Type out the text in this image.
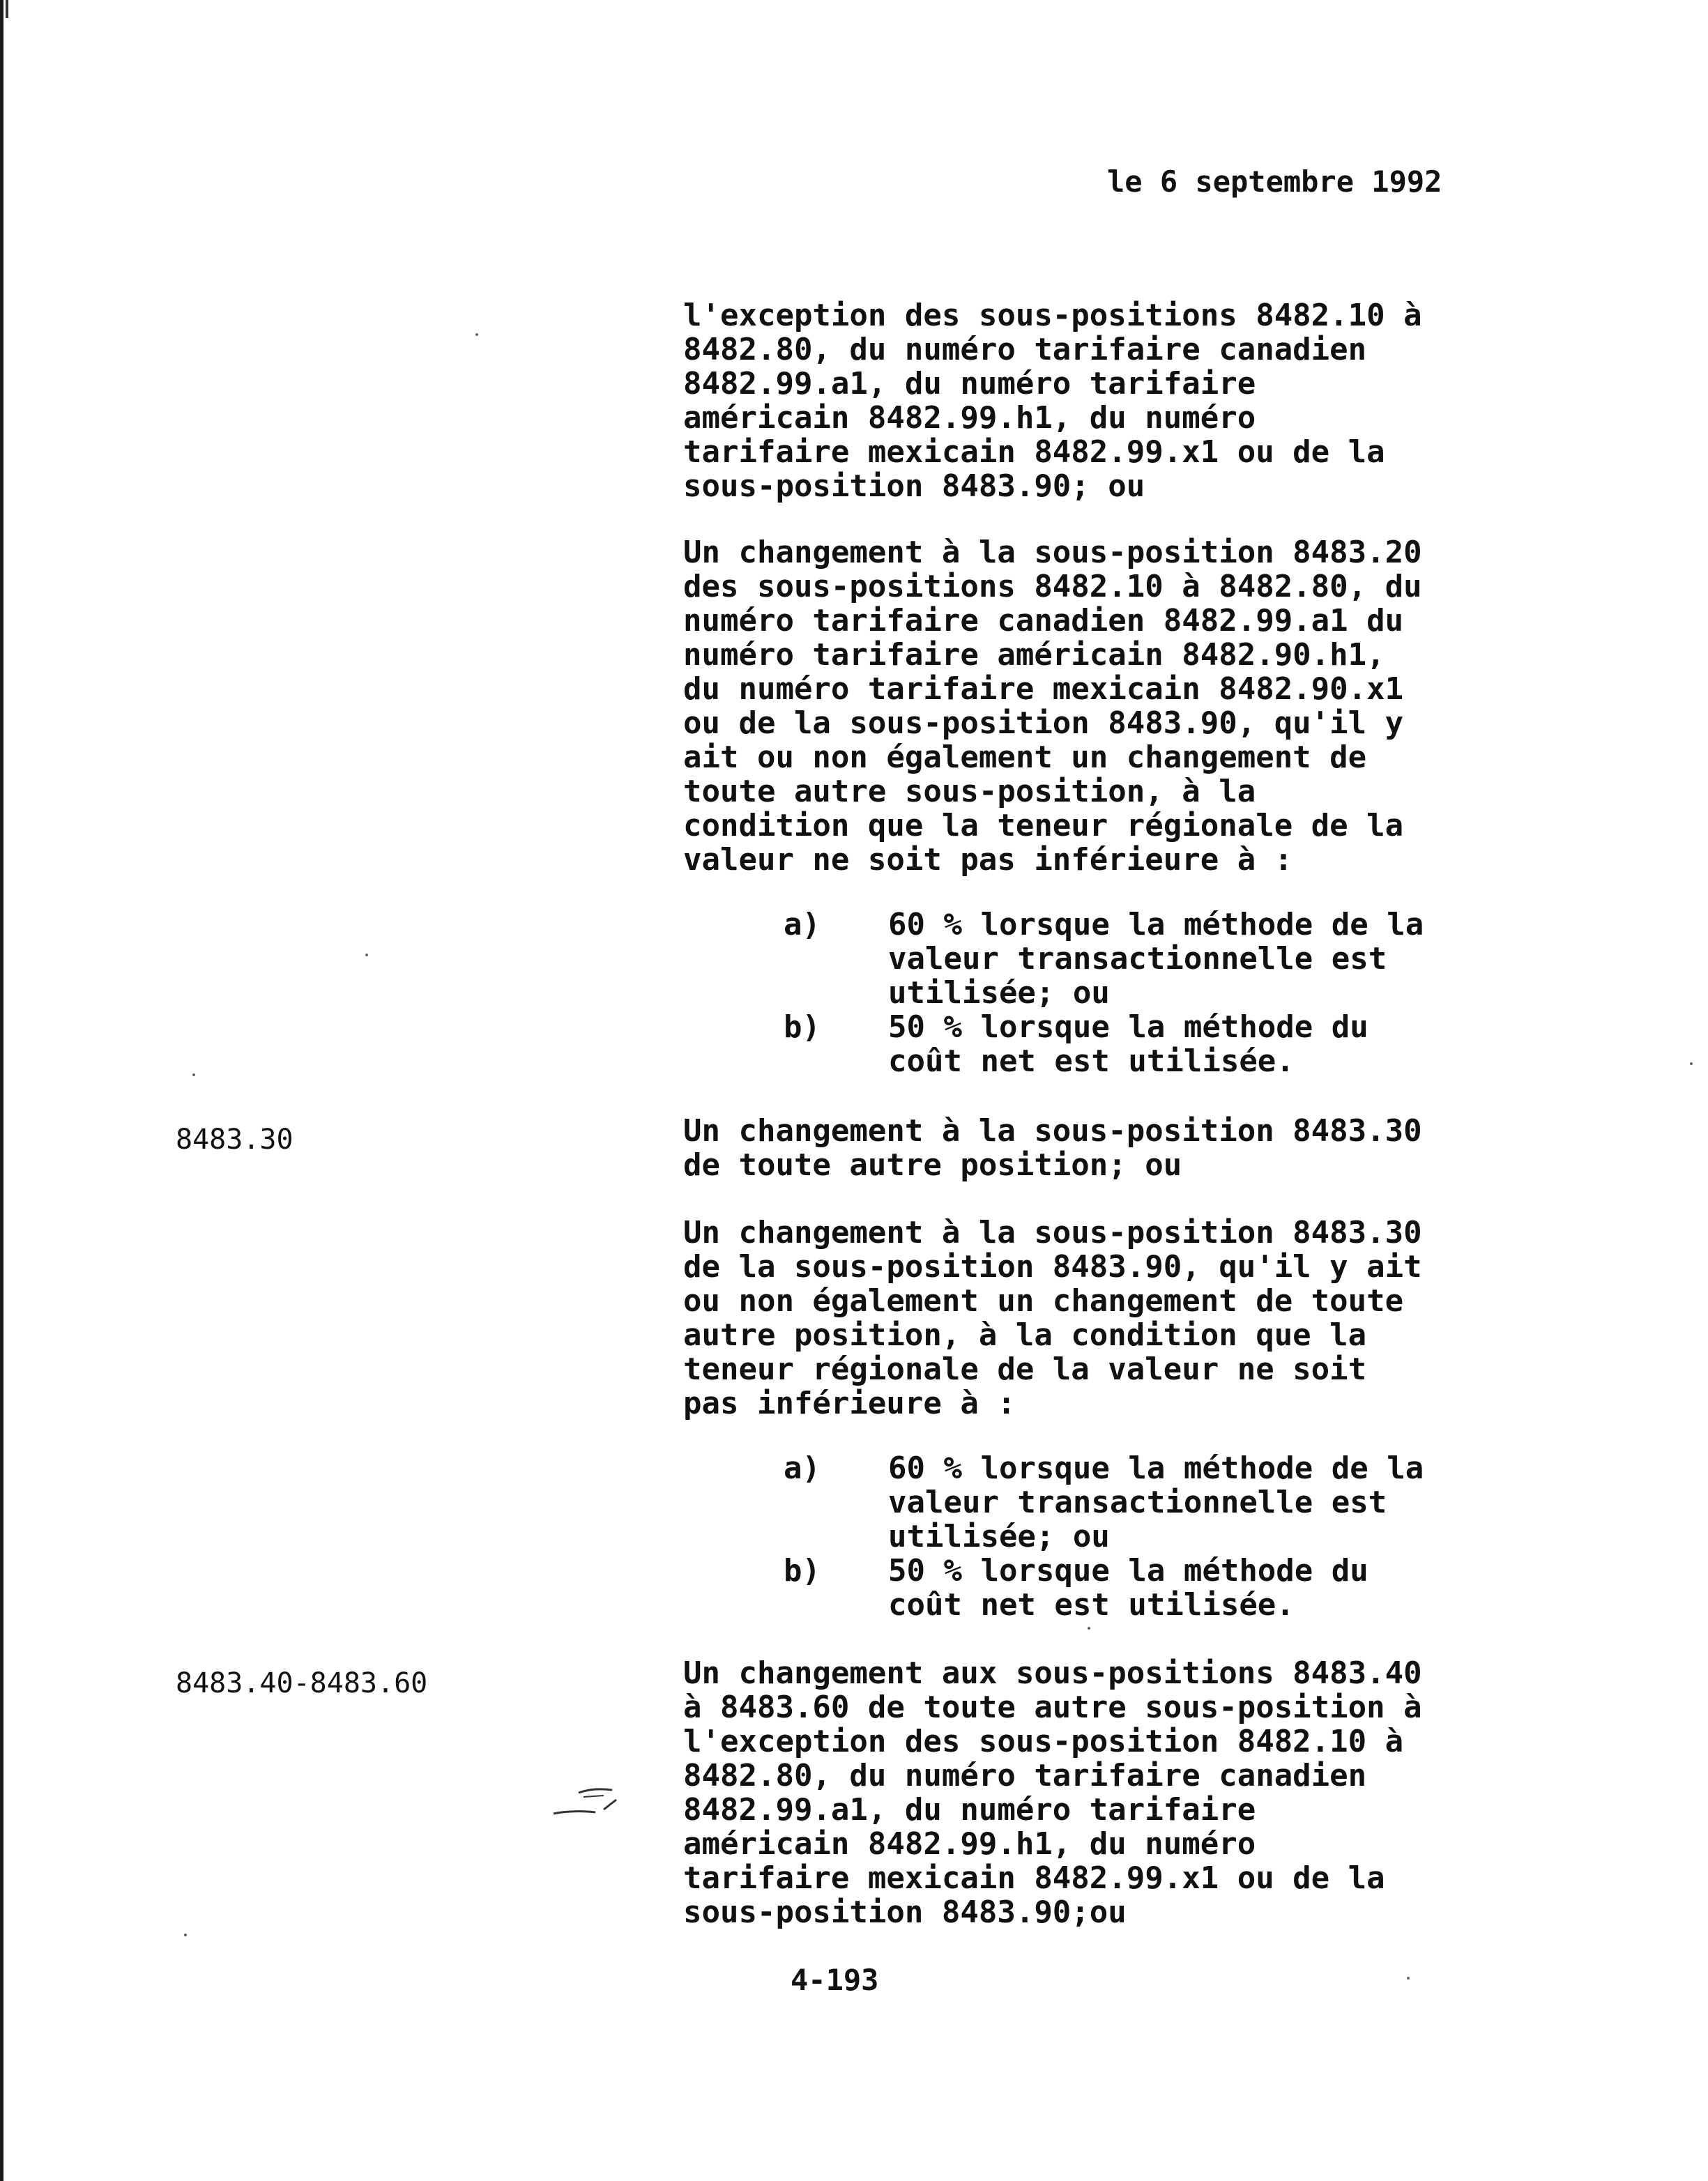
le 6 septembre 1992
l'exception des sous-positions 8482.10 à
8482.80, du numéro tarifaire canadien
8482.99.a1, du numéro tarifaire
américain 8482.99.h1, du numéro
tarifaire mexicain 8482.99.x1 ou de la
sous-position 8483.90; ou
Un changement à la sous-position 8483.20
des sous-positions 8482.10 à 8482.80, du
numéro tarifaire canadien 8482.99.a1 du
numéro tarifaire américain 8482.90.h1,
du numéro tarifaire mexicain 8482.90.x1
ou de la sous-position 8483.90, qu'il y
ait ou non également un changement de
toute autre sous-position, à la
condition que la teneur régionale de la
valeur ne soit pas inférieure à :
a) 60 % lorsque la méthode de la
valeur transactionnelle est
utilisée; ou
b) 50 % lorsque la méthode du
coût net est utilisée.
8483.30	Un changement à la sous-position 8483.30
de toute autre position; ou
Un changement à la sous-position 8483.30
de la sous-position 8483.90, qu'il y ait
ou non également un changement de toute
autre position, à la condition que la
teneur régionale de la valeur ne soit
pas inférieure à :
a) 60 % lorsque la méthode de la
valeur transactionnelle est
utilisée; ou
b) 50 % lorsque la méthode du
coût net est utilisée.
8483.40-8483.60	Un changement aux sous-positions 8483.40
à 8483.60 de toute autre sous-position à
l'exception des sous-position 8482.10 à
8482.80, du numéro tarifaire canadien
8482.99.a1, du numéro tarifaire
américain 8482.99.h1, du numéro
tarifaire mexicain 8482.99.x1 ou de la
sous-position 8483.90;ou
4-193
